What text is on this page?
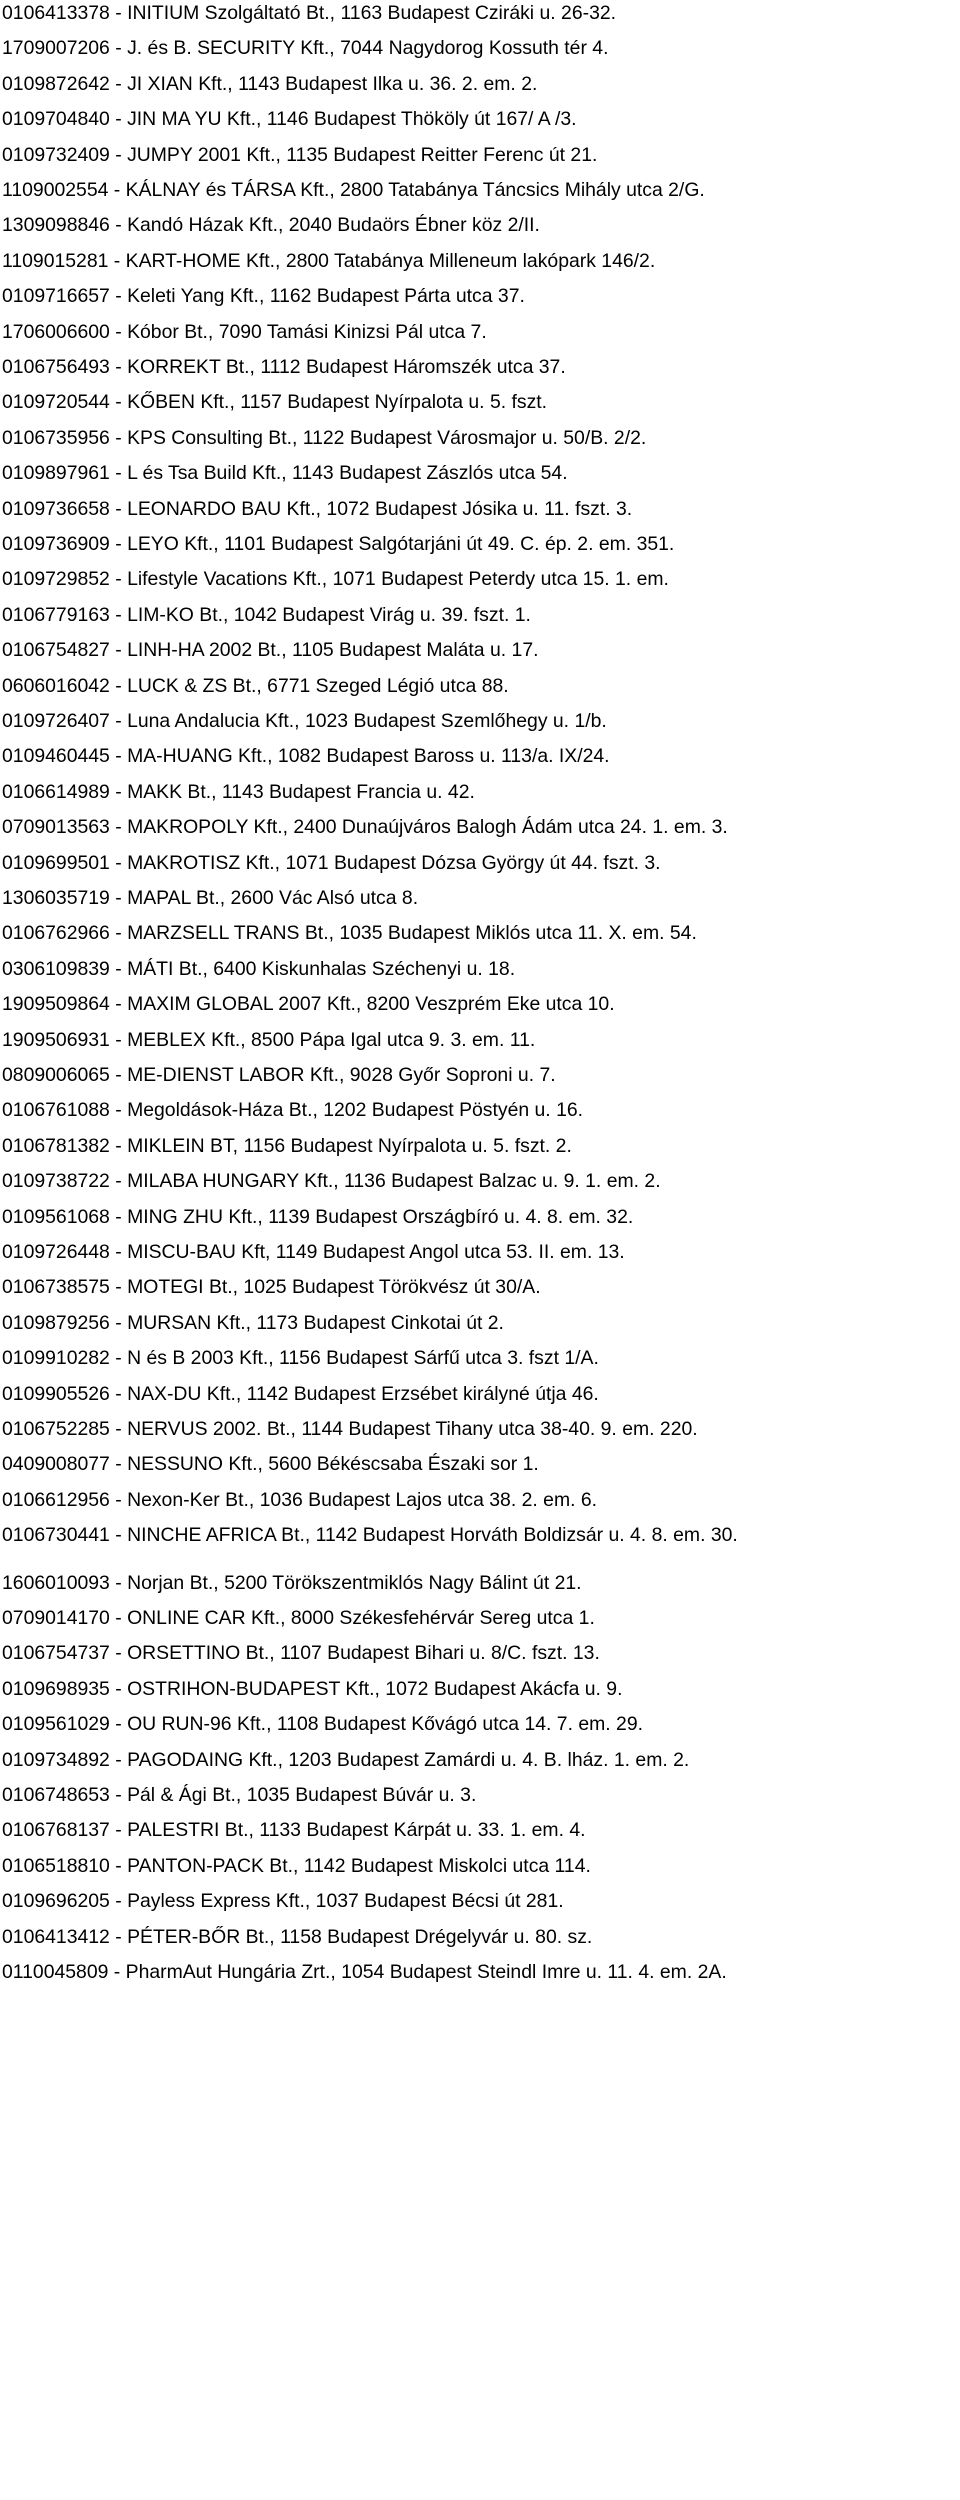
0106413378 - INITIUM Szolgáltató Bt., 1163 Budapest Cziráki u. 26-32.
1709007206 - J. és B. SECURITY Kft., 7044 Nagydorog Kossuth tér 4.
0109872642 - JI XIAN Kft., 1143 Budapest Ilka u. 36. 2. em. 2.
0109704840 - JIN MA YU Kft., 1146 Budapest Thököly út 167/ A /3.
0109732409 - JUMPY 2001 Kft., 1135 Budapest Reitter Ferenc út 21.
1109002554 - KÁLNAY és TÁRSA Kft., 2800 Tatabánya Táncsics Mihály utca 2/G.
1309098846 - Kandó Házak Kft., 2040 Budaörs Ébner köz 2/II.
1109015281 - KART-HOME Kft., 2800 Tatabánya Milleneum lakópark 146/2.
0109716657 - Keleti Yang Kft., 1162 Budapest Párta utca 37.
1706006600 - Kóbor Bt., 7090 Tamási Kinizsi Pál utca 7.
0106756493 - KORREKT Bt., 1112 Budapest Háromszék utca 37.
0109720544 - KŐBEN Kft., 1157 Budapest Nyírpalota u. 5. fszt.
0106735956 - KPS Consulting Bt., 1122 Budapest Városmajor u. 50/B. 2/2.
0109897961 - L és Tsa Build Kft., 1143 Budapest Zászlós utca 54.
0109736658 - LEONARDO BAU Kft., 1072 Budapest Jósika u. 11. fszt. 3.
0109736909 - LEYO Kft., 1101 Budapest Salgótarjáni út 49. C. ép. 2. em. 351.
0109729852 - Lifestyle Vacations Kft., 1071 Budapest Peterdy utca 15. 1. em.
0106779163 - LIM-KO Bt., 1042 Budapest Virág u. 39. fszt. 1.
0106754827 - LINH-HA 2002 Bt., 1105 Budapest Maláta u. 17.
0606016042 - LUCK & ZS Bt., 6771 Szeged Légió utca 88.
0109726407 - Luna Andalucia Kft., 1023 Budapest Szemlőhegy u. 1/b.
0109460445 - MA-HUANG Kft., 1082 Budapest Baross u. 113/a. IX/24.
0106614989 - MAKK Bt., 1143 Budapest Francia u. 42.
0709013563 - MAKROPOLY Kft., 2400 Dunaújváros Balogh Ádám utca 24. 1. em. 3.
0109699501 - MAKROTISZ Kft., 1071 Budapest Dózsa György út 44. fszt. 3.
1306035719 - MAPAL Bt., 2600 Vác Alsó utca 8.
0106762966 - MARZSELL TRANS Bt., 1035 Budapest Miklós utca 11. X. em. 54.
0306109839 - MÁTI Bt., 6400 Kiskunhalas Széchenyi u. 18.
1909509864 - MAXIM GLOBAL 2007 Kft., 8200 Veszprém Eke utca 10.
1909506931 - MEBLEX Kft., 8500 Pápa Igal utca 9. 3. em. 11.
0809006065 - ME-DIENST LABOR Kft., 9028 Győr Soproni u. 7.
0106761088 - Megoldások-Háza Bt., 1202 Budapest Pöstyén u. 16.
0106781382 - MIKLEIN BT, 1156 Budapest Nyírpalota u. 5. fszt. 2.
0109738722 - MILABA HUNGARY Kft., 1136 Budapest Balzac u. 9. 1. em. 2.
0109561068 - MING ZHU Kft., 1139 Budapest Országbíró u. 4. 8. em. 32.
0109726448 - MISCU-BAU Kft, 1149 Budapest Angol utca 53. II. em. 13.
0106738575 - MOTEGI Bt., 1025 Budapest Törökvész út 30/A.
0109879256 - MURSAN Kft., 1173 Budapest Cinkotai út 2.
0109910282 - N és B 2003 Kft., 1156 Budapest Sárfű utca 3. fszt 1/A.
0109905526 - NAX-DU Kft., 1142 Budapest Erzsébet királyné útja 46.
0106752285 - NERVUS 2002. Bt., 1144 Budapest Tihany utca 38-40. 9. em. 220.
0409008077 - NESSUNO Kft., 5600 Békéscsaba Északi sor 1.
0106612956 - Nexon-Ker Bt., 1036 Budapest Lajos utca 38. 2. em. 6.
0106730441 - NINCHE AFRICA Bt., 1142 Budapest Horváth Boldizsár u. 4. 8. em. 30.
1606010093 - Norjan Bt., 5200 Törökszentmiklós Nagy Bálint út 21.
0709014170 - ONLINE CAR Kft., 8000 Székesfehérvár Sereg utca 1.
0106754737 - ORSETTINO Bt., 1107 Budapest Bihari u. 8/C. fszt. 13.
0109698935 - OSTRIHON-BUDAPEST Kft., 1072 Budapest Akácfa u. 9.
0109561029 - OU RUN-96 Kft., 1108 Budapest Kővágó utca 14. 7. em. 29.
0109734892 - PAGODAING Kft., 1203 Budapest Zamárdi u. 4. B. lház. 1. em. 2.
0106748653 - Pál & Ági Bt., 1035 Budapest Búvár u. 3.
0106768137 - PALESTRI Bt., 1133 Budapest Kárpát u. 33. 1. em. 4.
0106518810 - PANTON-PACK Bt., 1142 Budapest Miskolci utca 114.
0109696205 - Payless Express Kft., 1037 Budapest Bécsi út 281.
0106413412 - PÉTER-BŐR Bt., 1158 Budapest Drégelyvár u. 80. sz.
0110045809 - PharmAut Hungária Zrt., 1054 Budapest Steindl Imre u. 11. 4. em. 2A.
